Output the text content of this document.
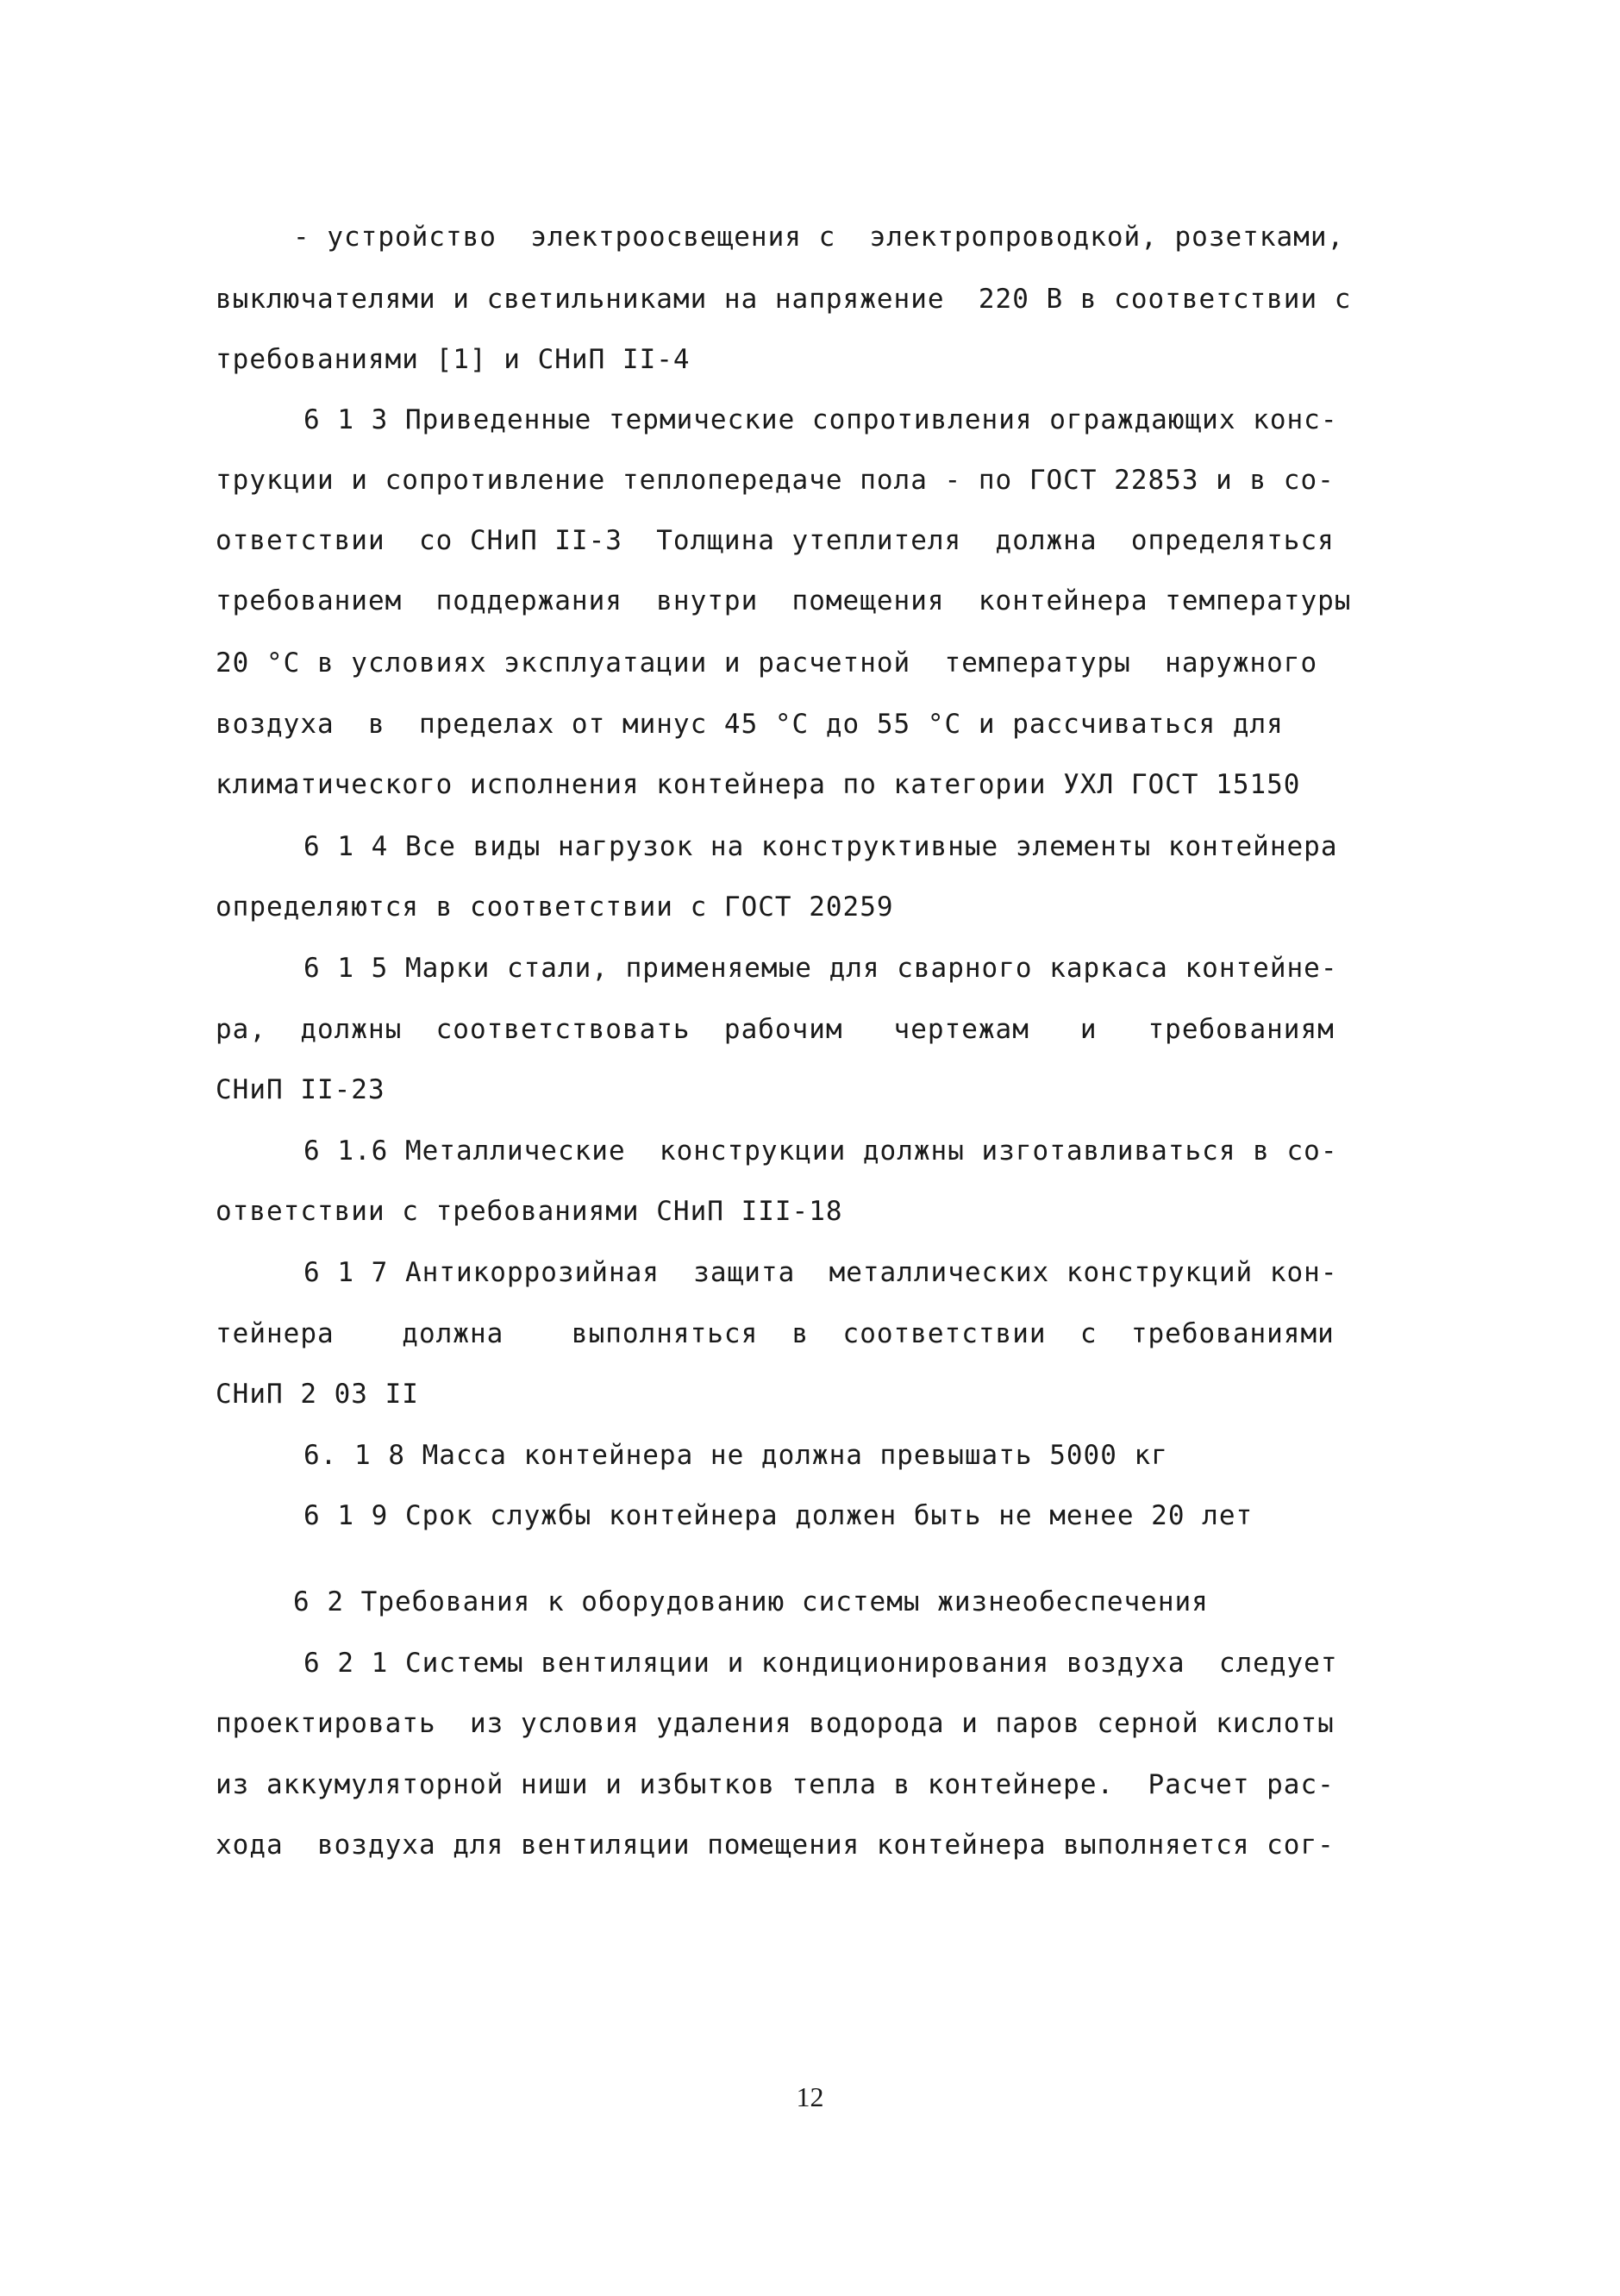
- устройство  электроосвещения с  электропроводкой, розетками,
выключателями и светильниками на напряжение  220 В в соответствии с
требованиями [1] и СНиП II-4
6 1 3 Приведенные термические сопротивления ограждающих конс-
трукции и сопротивление теплопередаче пола - по ГОСТ 22853 и в со-
ответствии  со СНиП II-3  Толщина утеплителя  должна  определяться
требованием  поддержания  внутри  помещения  контейнера температуры
20 °С в условиях эксплуатации и расчетной  температуры  наружного
воздуха  в  пределах от минус 45 °С до 55 °С и рассчиваться для
климатического исполнения контейнера по категории УХЛ ГОСТ 15150
6 1 4 Все виды нагрузок на конструктивные элементы контейнера
определяются в соответствии с ГОСТ 20259
6 1 5 Марки стали, применяемые для сварного каркаса контейне-
ра,  должны  соответствовать  рабочим   чертежам   и   требованиям
СНиП II-23
6 1.6 Металлические  конструкции должны изготавливаться в со-
ответствии с требованиями СНиП III-18
6 1 7 Антикоррозийная  защита  металлических конструкций кон-
тейнера    должна    выполняться  в  соответствии  с  требованиями
СНиП 2 03 II
6. 1 8 Масса контейнера не должна превышать 5000 кг
6 1 9 Срок службы контейнера должен быть не менее 20 лет
6 2 Требования к оборудованию системы жизнеобеспечения
6 2 1 Системы вентиляции и кондиционирования воздуха  следует
проектировать  из условия удаления водорода и паров серной кислоты
из аккумуляторной ниши и избытков тепла в контейнере.  Расчет рас-
хода  воздуха для вентиляции помещения контейнера выполняется сог-
12
